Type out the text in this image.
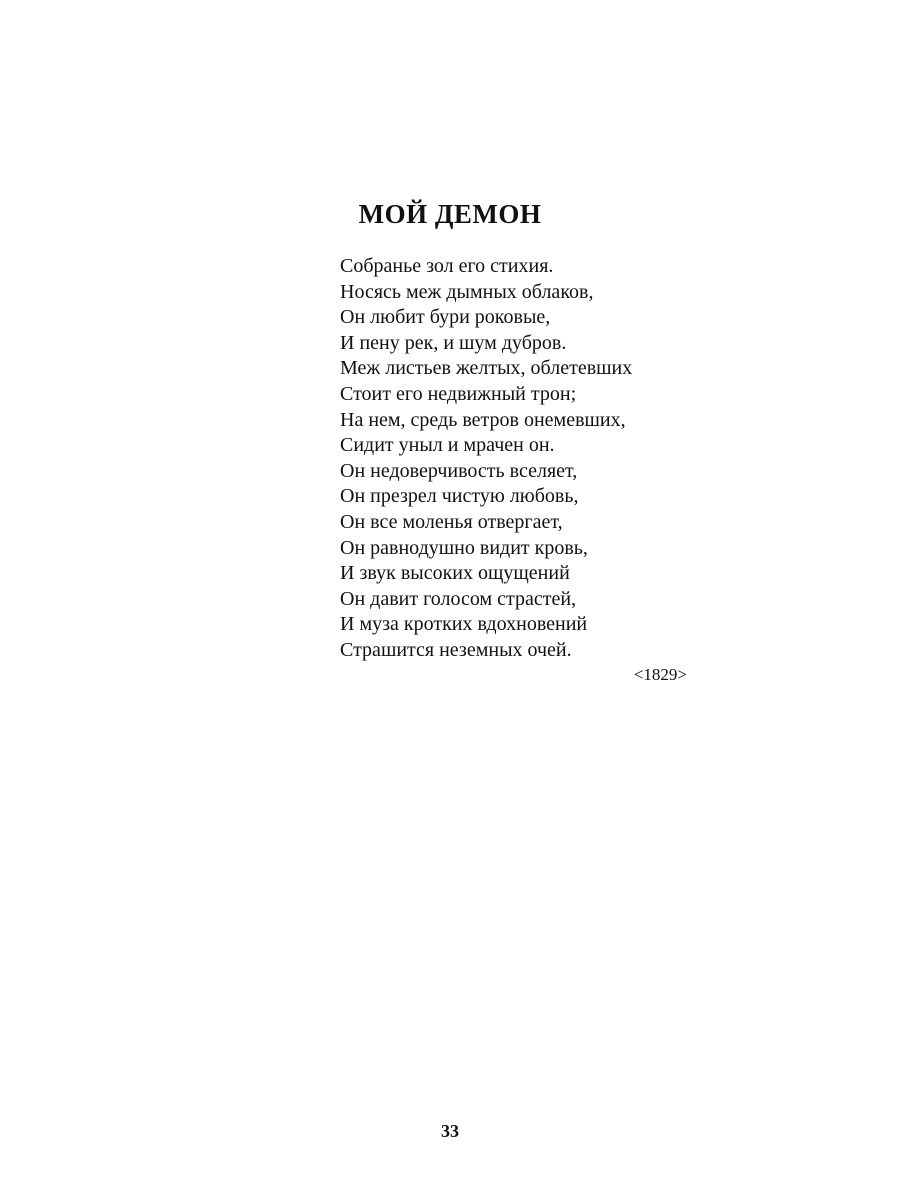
МОЙ ДЕМОН
Собранье зол его стихия.
Носясь меж дымных облаков,
Он любит бури роковые,
И пену рек, и шум дубров.
Меж листьев желтых, облетевших
Стоит его недвижный трон;
На нем, средь ветров онемевших,
Сидит уныл и мрачен он.
Он недоверчивость вселяет,
Он презрел чистую любовь,
Он все моленья отвергает,
Он равнодушно видит кровь,
И звук высоких ощущений
Он давит голосом страстей,
И муза кротких вдохновений
Страшится неземных очей.
<1829>
33
